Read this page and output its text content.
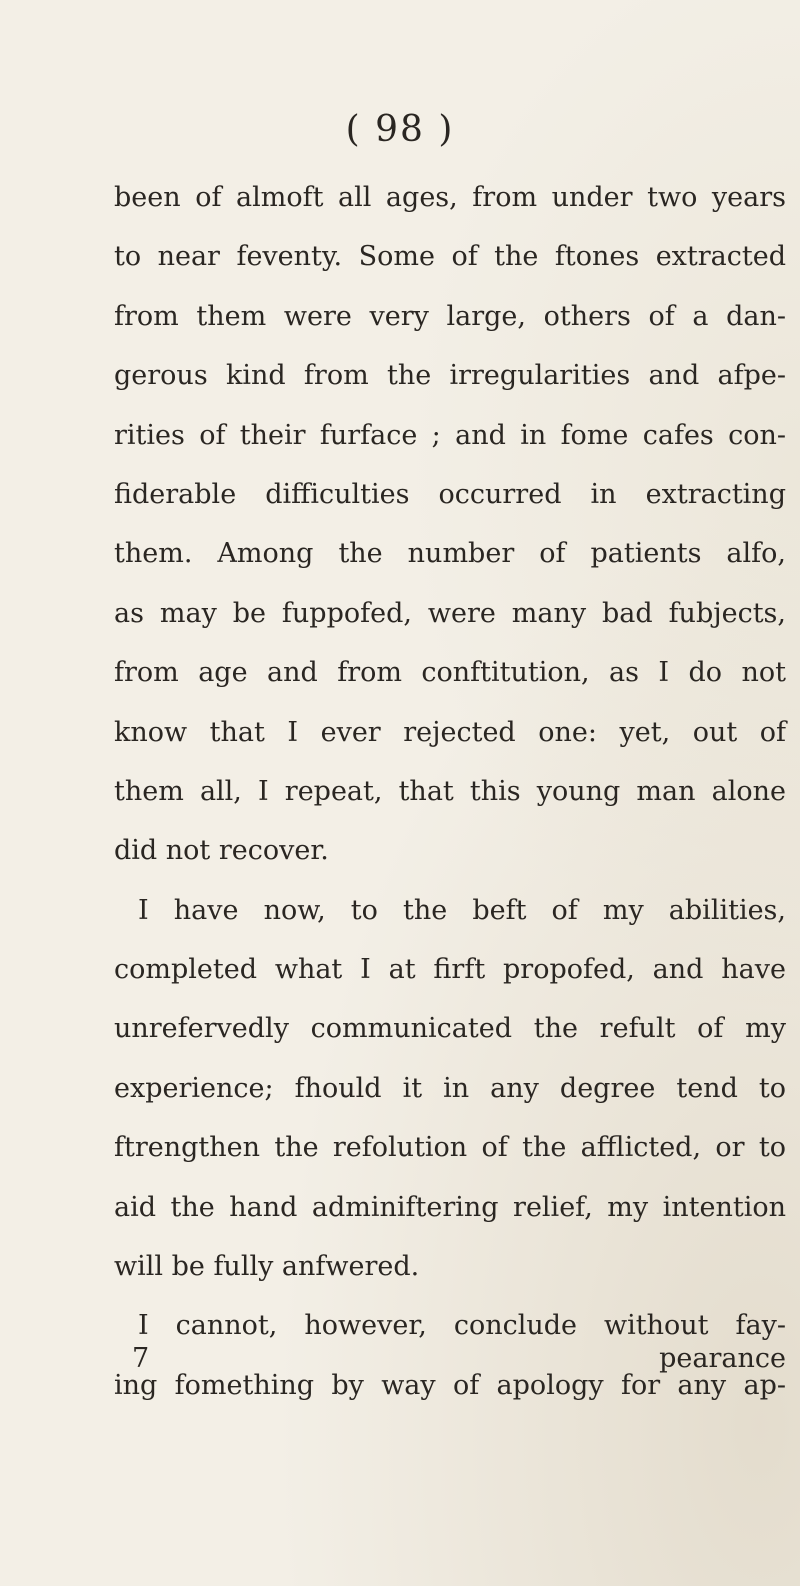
( 98 )
been of almoft all ages, from under two years
to near feventy. Some of the ftones extracted
from them were very large, others of a dan-
gerous kind from the irregularities and afpe-
rities of their furface ; and in fome cafes con-
fiderable difficulties occurred in extracting
them. Among the number of patients alfo,
as may be fuppofed, were many bad fubjects,
from age and from conftitution, as I do not
know that I ever rejected one: yet, out of
them all, I repeat, that this young man alone
did not recover.
I have now, to the beft of my abilities,
completed what I at firft propofed, and have
unrefervedly communicated the refult of my
experience; fhould it in any degree tend to
ftrengthen the refolution of the afflicted, or to
aid the hand adminiftering relief, my intention
will be fully anfwered.
I cannot, however, conclude without fay-
ing fomething by way of apology for any ap-
7	pearance
